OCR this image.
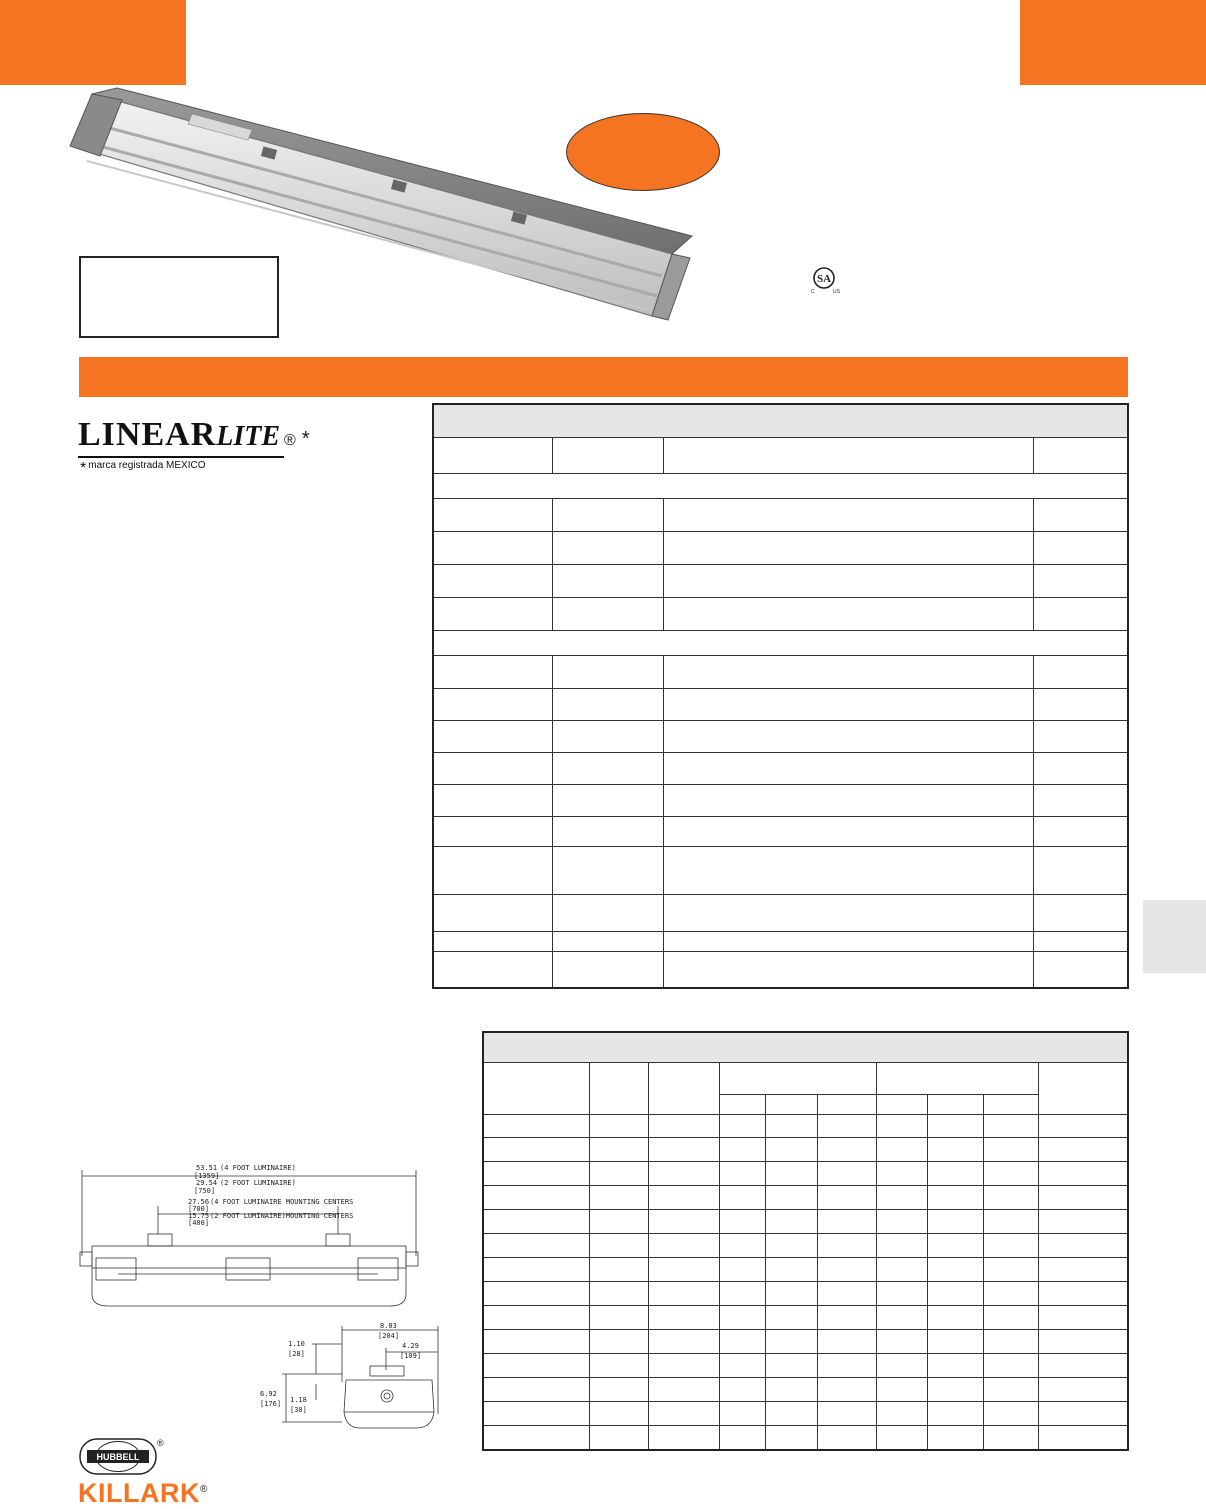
SA
C	US
LINEARLITE ® *
* marca registrada MEXICO

53.51 (4 FOOT LUMINAIRE)
[1359]
29.54 (2 FOOT LUMINAIRE)
[750]
27.56 (4 FOOT LUMINAIRE MOUNTING CENTERS
[700]
15.75 (2 FOOT LUMINAIRE)MOUNTING CENTERS
[400]
8.03
[204]
4.29
[109]
1.10
[28]
6.92
[176] 1.18
[30]
HUBBELL
®
KILLARK®
